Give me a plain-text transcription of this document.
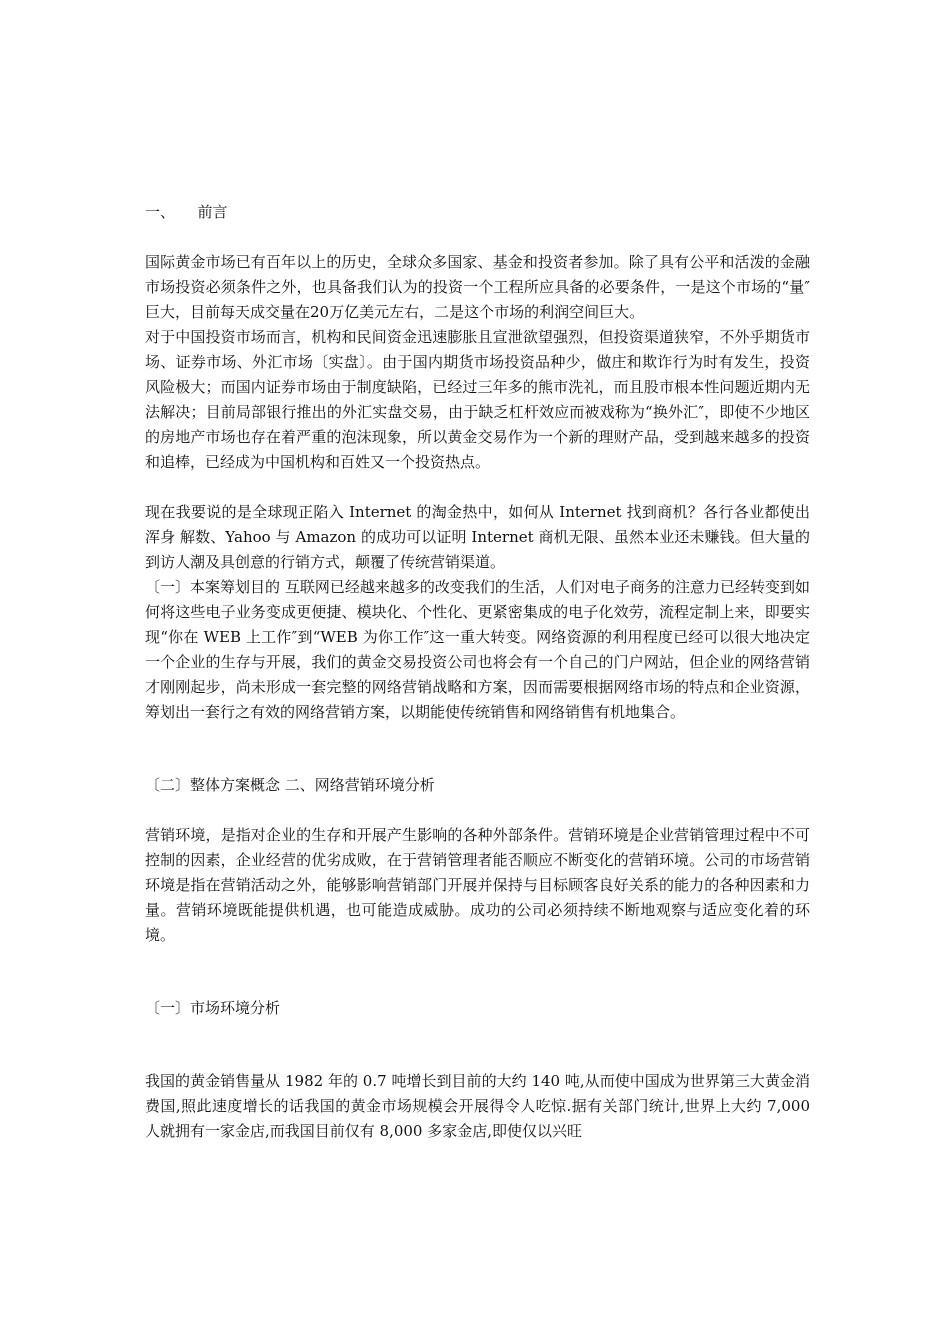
一、　　前言

国际黄金市场已有百年以上的历史，全球众多国家、基金和投资者参加。除了具有公平和活泼的金融市场投资必须条件之外，也具备我们认为的投资一个工程所应具备的必要条件，一是这个市场的“量″巨大，目前每天成交量在20万亿美元左右，二是这个市场的利润空间巨大。

对于中国投资市场而言，机构和民间资金迅速膨胀且宣泄欲望强烈，但投资渠道狭窄，不外乎期货市场、证券市场、外汇市场〔实盘〕。由于国内期货市场投资品种少，做庄和欺诈行为时有发生，投资风险极大；而国内证券市场由于制度缺陷，已经过三年多的熊市洗礼，而且股市根本性问题近期内无法解决；目前局部银行推出的外汇实盘交易，由于缺乏杠杆效应而被戏称为“换外汇″，即使不少地区的房地产市场也存在着严重的泡沫现象，所以黄金交易作为一个新的理财产品，受到越来越多的投资和追棒，已经成为中国机构和百姓又一个投资热点。

现在我要说的是全球现正陷入 Internet 的淘金热中，如何从 Internet 找到商机？各行各业都使出浑身 解数、Yahoo 与 Amazon 的成功可以证明 Internet 商机无限、虽然本业还未赚钱。但大量的 到访人潮及具创意的行销方式，颠覆了传统营销渠道。

〔一〕本案筹划目的 互联网已经越来越多的改变我们的生活，人们对电子商务的注意力已经转变到如何将这些电子业务变成更便捷、模块化、个性化、更紧密集成的电子化效劳，流程定制上来，即要实现“你在 WEB 上工作″到“WEB 为你工作″这一重大转变。网络资源的利用程度已经可以很大地决定一个企业的生存与开展，我们的黄金交易投资公司也将会有一个自己的门户网站，但企业的网络营销才刚刚起步，尚未形成一套完整的网络营销战略和方案，因而需要根据网络市场的特点和企业资源，筹划出一套行之有效的网络营销方案，以期能使传统销售和网络销售有机地集合。

〔二〕整体方案概念 二、网络营销环境分析

营销环境，是指对企业的生存和开展产生影响的各种外部条件。营销环境是企业营销管理过程中不可控制的因素，企业经营的优劣成败，在于营销管理者能否顺应不断变化的营销环境。公司的市场营销环境是指在营销活动之外，能够影响营销部门开展并保持与目标顾客良好关系的能力的各种因素和力量。营销环境既能提供机遇，也可能造成威胁。成功的公司必须持续不断地观察与适应变化着的环境。

〔一〕市场环境分析

我国的黄金销售量从 1982 年的 0.7 吨增长到目前的大约 140 吨,从而使中国成为世界第三大黄金消费国,照此速度增长的话我国的黄金市场规模会开展得令人吃惊.据有关部门统计,世界上大约 7,000 人就拥有一家金店,而我国目前仅有 8,000 多家金店,即使仅以兴旺
